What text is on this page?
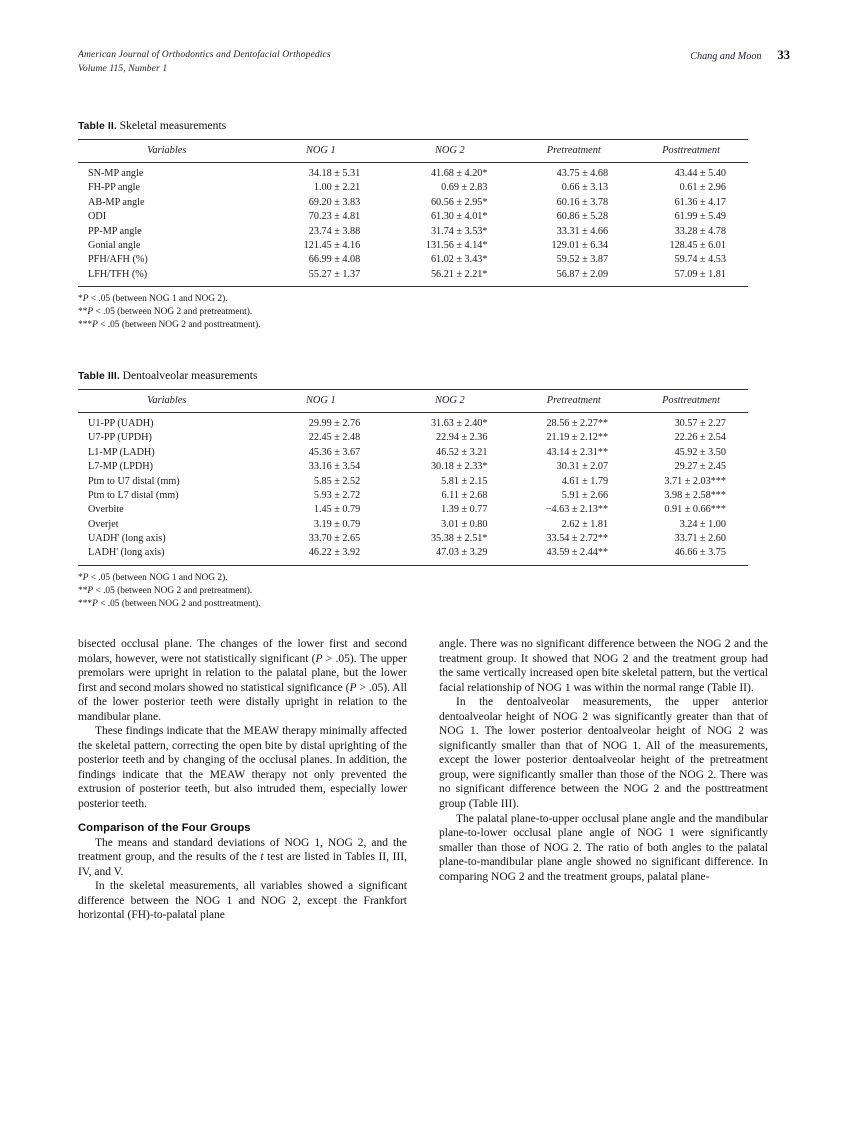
American Journal of Orthodontics and Dentofacial Orthopedics
Volume 115, Number 1
Chang and Moon 33
Table II. Skeletal measurements
Variables	NOG 1	NOG 2	Pretreatment	Posttreatment
SN-MP angle	34.18 ± 5.31	41.68 ± 4.20*	43.75 ± 4.68	43.44 ± 5.40
FH-PP angle	1.00 ± 2.21	0.69 ± 2.83	0.66 ± 3.13	0.61 ± 2.96
AB-MP angle	69.20 ± 3.83	60.56 ± 2.95*	60.16 ± 3.78	61.36 ± 4.17
ODI	70.23 ± 4.81	61.30 ± 4.01*	60.86 ± 5.28	61.99 ± 5.49
PP-MP angle	23.74 ± 3.88	31.74 ± 3.53*	33.31 ± 4.66	33.28 ± 4.78
Gonial angle	121.45 ± 4.16	131.56 ± 4.14*	129.01 ± 6.34	128.45 ± 6.01
PFH/AFH (%)	66.99 ± 4.08	61.02 ± 3.43*	59.52 ± 3.87	59.74 ± 4.53
LFH/TFH (%)	55.27 ± 1.37	56.21 ± 2.21*	56.87 ± 2.09	57.09 ± 1.81
*P < .05 (between NOG 1 and NOG 2).
**P < .05 (between NOG 2 and pretreatment).
***P < .05 (between NOG 2 and posttreatment).
Table III. Dentoalveolar measurements
Variables	NOG 1	NOG 2	Pretreatment	Posttreatment
U1-PP (UADH)	29.99 ± 2.76	31.63 ± 2.40*	28.56 ± 2.27**	30.57 ± 2.27
U7-PP (UPDH)	22.45 ± 2.48	22.94 ± 2.36	21.19 ± 2.12**	22.26 ± 2.54
L1-MP (LADH)	45.36 ± 3.67	46.52 ± 3.21	43.14 ± 2.31**	45.92 ± 3.50
L7-MP (LPDH)	33.16 ± 3.54	30.18 ± 2.33*	30.31 ± 2.07	29.27 ± 2.45
Ptm to U7 distal (mm)	5.85 ± 2.52	5.81 ± 2.15	4.61 ± 1.79	3.71 ± 2.03***
Ptm to L7 distal (mm)	5.93 ± 2.72	6.11 ± 2.68	5.91 ± 2.66	3.98 ± 2.58***
Overbite	1.45 ± 0.79	1.39 ± 0.77	−4.63 ± 2.13**	0.91 ± 0.66***
Overjet	3.19 ± 0.79	3.01 ± 0.80	2.62 ± 1.81	3.24 ± 1.00
UADH' (long axis)	33.70 ± 2.65	35.38 ± 2.51*	33.54 ± 2.72**	33.71 ± 2.60
LADH' (long axis)	46.22 ± 3.92	47.03 ± 3.29	43.59 ± 2.44**	46.66 ± 3.75
*P < .05 (between NOG 1 and NOG 2).
**P < .05 (between NOG 2 and pretreatment).
***P < .05 (between NOG 2 and posttreatment).

bisected occlusal plane. The changes of the lower first and second molars, however, were not statistically significant (P > .05). The upper premolars were upright in relation to the palatal plane, but the lower first and second molars showed no statistical significance (P > .05). All of the lower posterior teeth were distally upright in relation to the mandibular plane.

These findings indicate that the MEAW therapy minimally affected the skeletal pattern, correcting the open bite by distal uprighting of the posterior teeth and by changing of the occlusal planes. In addition, the findings indicate that the MEAW therapy not only prevented the extrusion of posterior teeth, but also intruded them, especially lower posterior teeth.

Comparison of the Four Groups

The means and standard deviations of NOG 1, NOG 2, and the treatment group, and the results of the t test are listed in Tables II, III, IV, and V.

In the skeletal measurements, all variables showed a significant difference between the NOG 1 and NOG 2, except the Frankfort horizontal (FH)-to-palatal plane

angle. There was no significant difference between the NOG 2 and the treatment group. It showed that NOG 2 and the treatment group had the same vertically increased open bite skeletal pattern, but the vertical facial relationship of NOG 1 was within the normal range (Table II).

In the dentoalveolar measurements, the upper anterior dentoalveolar height of NOG 2 was significantly greater than that of NOG 1. The lower posterior dentoalveolar height of NOG 2 was significantly smaller than that of NOG 1. All of the measurements, except the lower posterior dentoalveolar height of the pretreatment group, were significantly smaller than those of the NOG 2. There was no significant difference between the NOG 2 and the posttreatment group (Table III).

The palatal plane-to-upper occlusal plane angle and the mandibular plane-to-lower occlusal plane angle of NOG 1 were significantly smaller than those of NOG 2. The ratio of both angles to the palatal plane-to-mandibular plane angle showed no significant difference. In comparing NOG 2 and the treatment groups, palatal plane-
